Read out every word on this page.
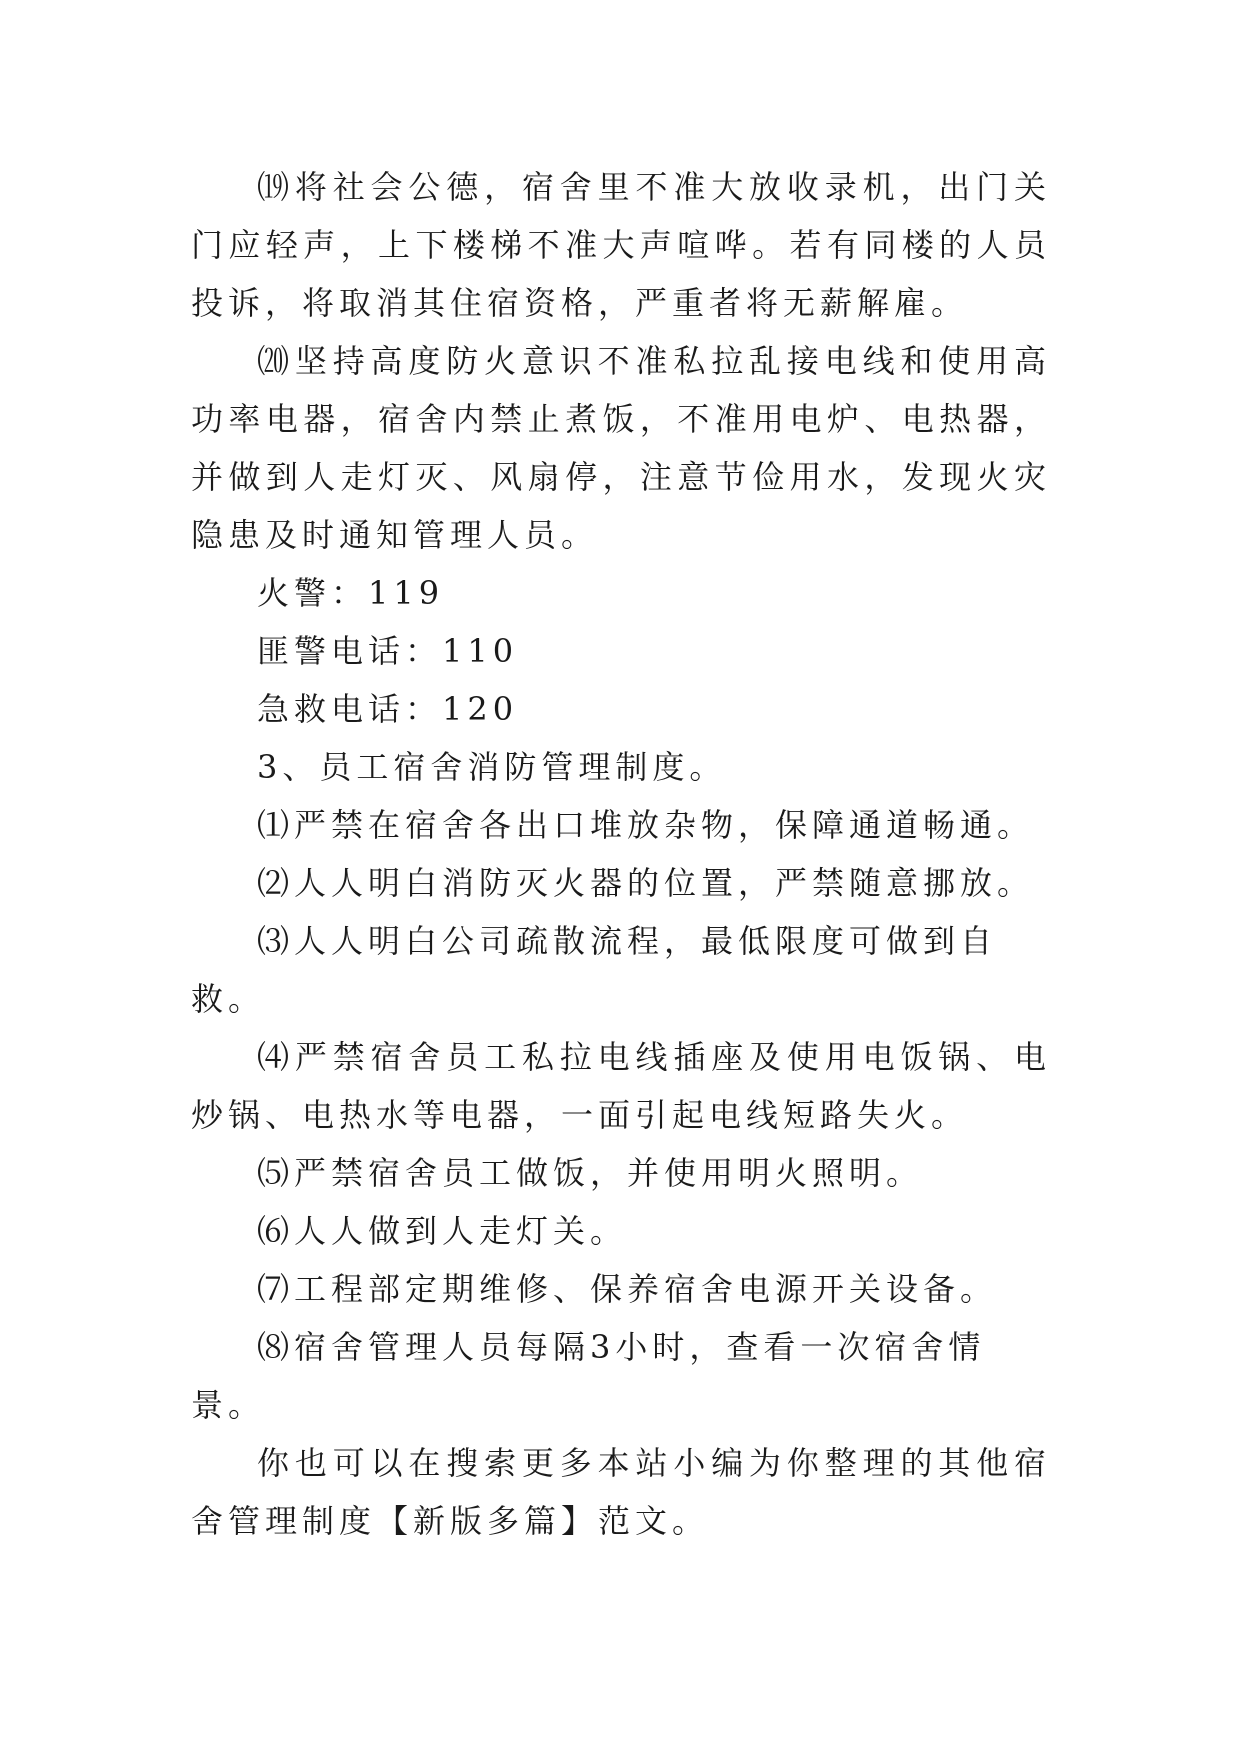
⒆将社会公德，宿舍里不准大放收录机，出门关门应轻声，上下楼梯不准大声喧哗。若有同楼的人员投诉，将取消其住宿资格，严重者将无薪解雇。

⒇坚持高度防火意识不准私拉乱接电线和使用高功率电器，宿舍内禁止煮饭，不准用电炉、电热器，并做到人走灯灭、风扇停，注意节俭用水，发现火灾隐患及时通知管理人员。

火警：119

匪警电话：110

急救电话：120

3、员工宿舍消防管理制度。

⑴严禁在宿舍各出口堆放杂物，保障通道畅通。

⑵人人明白消防灭火器的位置，严禁随意挪放。

⑶人人明白公司疏散流程，最低限度可做到自救。

⑷严禁宿舍员工私拉电线插座及使用电饭锅、电炒锅、电热水等电器，一面引起电线短路失火。

⑸严禁宿舍员工做饭，并使用明火照明。

⑹人人做到人走灯关。

⑺工程部定期维修、保养宿舍电源开关设备。

⑻宿舍管理人员每隔3小时，查看一次宿舍情景。

你也可以在搜索更多本站小编为你整理的其他宿舍管理制度【新版多篇】范文。
